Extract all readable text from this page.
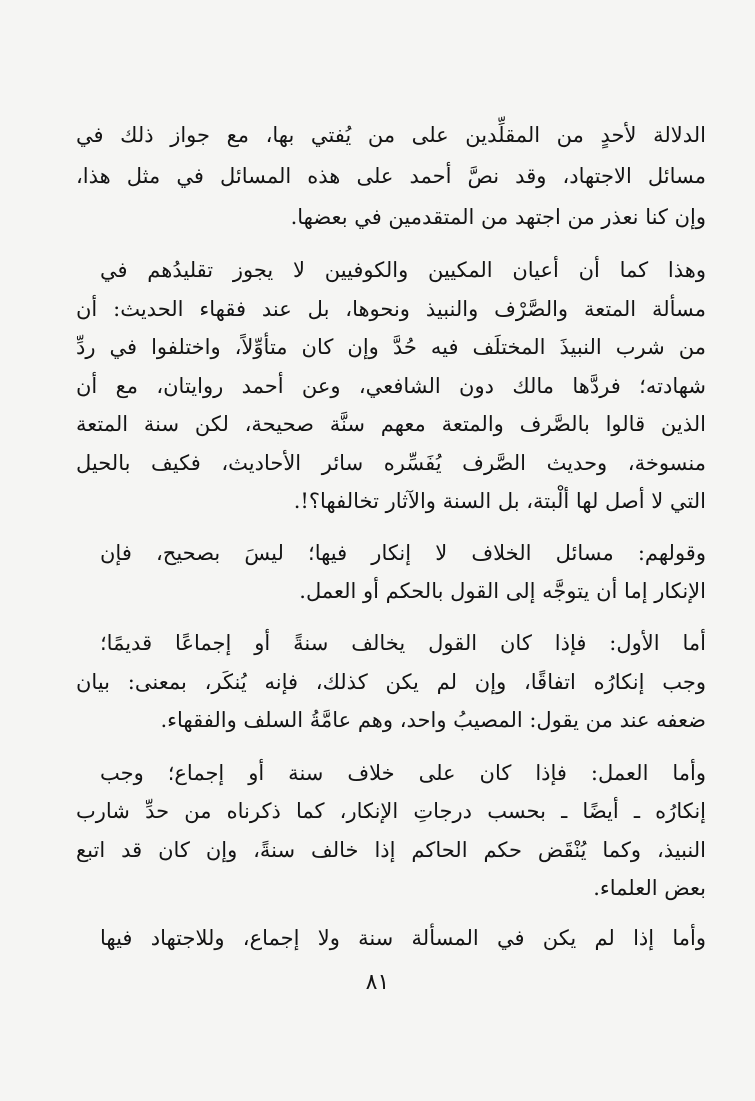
الدلالة لأحدٍ من المقلِّدين على من يُفتي بها، مع جواز ذلك في
مسائل الاجتهاد، وقد نصَّ أحمد على هذه المسائل في مثل هذا،
وإن كنا نعذر من اجتهد من المتقدمين في بعضها.
وهذا كما أن أعيان المكيين والكوفيين لا يجوز تقليدُهم في
مسألة المتعة والصَّرْف والنبيذ ونحوها، بل عند فقهاء الحديث: أن
من شرب النبيذَ المختلَف فيه حُدَّ وإن كان متأوِّلاً، واختلفوا في ردِّ
شهادته؛ فردَّها مالك دون الشافعي، وعن أحمد روايتان، مع أن
الذين قالوا بالصَّرف والمتعة معهم سنَّة صحيحة، لكن سنة المتعة
منسوخة، وحديث الصَّرف يُفَسِّره سائر الأحاديث، فكيف بالحيل
التي لا أصل لها ألْبتة، بل السنة والآثار تخالفها؟!.
وقولهم: مسائل الخلاف لا إنكار فيها؛ ليسَ بصحيح، فإن
الإنكار إما أن يتوجَّه إلى القول بالحكم أو العمل.
أما الأول: فإذا كان القول يخالف سنةً أو إجماعًا قديمًا؛
وجب إنكارُه اتفاقًا، وإن لم يكن كذلك، فإنه يُنكَر، بمعنى: بيان
ضعفه عند من يقول: المصيبُ واحد، وهم عامَّةُ السلف والفقهاء.
وأما العمل: فإذا كان على خلاف سنة أو إجماع؛ وجب
إنكارُه ـ أيضًا ـ بحسب درجاتِ الإنكار، كما ذكرناه من حدِّ شارب
النبيذ، وكما يُنْقَض حكم الحاكم إذا خالف سنةً، وإن كان قد اتبع
بعض العلماء.
وأما إذا لم يكن في المسألة سنة ولا إجماع، وللاجتهاد فيها
٨١
